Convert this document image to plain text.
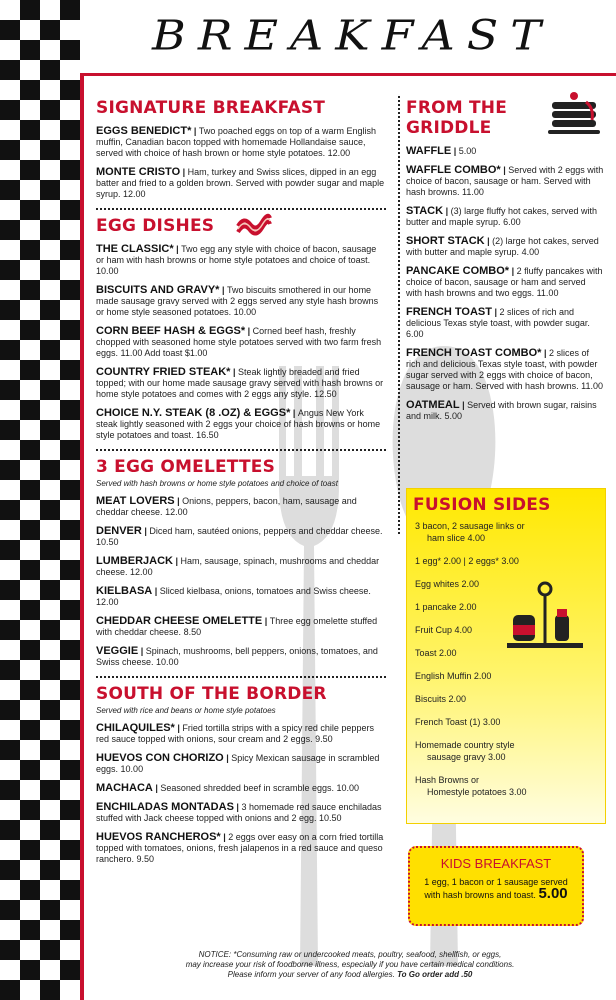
BREAKFAST
SIGNATURE BREAKFAST
EGGS BENEDICT* | Two poached eggs on top of a warm English muffin, Canadian bacon topped with homemade Hollandaise sauce, served with choice of hash brown or home style potatoes. 12.00
MONTE CRISTO | Ham, turkey and Swiss slices, dipped in an egg batter and fried to a golden brown. Served with powder sugar and maple syrup. 12.00
EGG DISHES
THE CLASSIC* | Two egg any style with choice of bacon, sausage or ham with hash browns or home style potatoes and choice of toast. 10.00
BISCUITS AND GRAVY* | Two biscuits smothered in our home made sausage gravy served with 2 eggs served any style hash browns or home style seasoned potatoes. 10.00
CORN BEEF HASH & EGGS* | Corned beef hash, freshly chopped with seasoned home style potatoes served with two farm fresh eggs. 11.00 Add toast $1.00
COUNTRY FRIED STEAK* | Steak lightly breaded and fried topped; with our home made sausage gravy served with hash browns or home style potatoes and comes with 2 eggs any style. 12.50
CHOICE N.Y. STEAK (8 .OZ) & EGGS* | Angus New York steak lightly seasoned with 2 eggs your choice of hash browns or home style potatoes and toast. 16.50
3 EGG OMELETTES
Served with hash browns or home style potatoes and choice of toast
MEAT LOVERS | Onions, peppers, bacon, ham, sausage and cheddar cheese. 12.00
DENVER | Diced ham, sautéed onions, peppers and cheddar cheese. 10.50
LUMBERJACK | Ham, sausage, spinach, mushrooms and cheddar cheese. 12.00
KIELBASA | Sliced kielbasa, onions, tomatoes and Swiss cheese. 12.00
CHEDDAR CHEESE OMELETTE | Three egg omelette stuffed with cheddar cheese. 8.50
VEGGIE | Spinach, mushrooms, bell peppers, onions, tomatoes, and Swiss cheese. 10.00
SOUTH OF THE BORDER
Served with rice and beans or home style potatoes
CHILAQUILES* | Fried tortilla strips with a spicy red chile peppers red sauce topped with onions, sour cream and 2 eggs. 9.50
HUEVOS CON CHORIZO | Spicy Mexican sausage in scrambled eggs. 10.00
MACHACA | Seasoned shredded beef in scramble eggs. 10.00
ENCHILADAS MONTADAS | 3 homemade red sauce enchiladas stuffed with Jack cheese topped with onions and 2 egg. 10.50
HUEVOS RANCHEROS* | 2 eggs over easy on a corn fried tortilla topped with tomatoes, onions, fresh jalapenos in a red sauce and queso ranchero. 9.50
FROM THE
GRIDDLE
WAFFLE | 5.00
WAFFLE COMBO* | Served with 2 eggs with choice of bacon, sausage or ham. Served with hash browns. 11.00
STACK | (3) large fluffy hot cakes, served with butter and maple syrup. 6.00
SHORT STACK | (2) large hot cakes, served with butter and maple syrup. 4.00
PANCAKE COMBO* | 2 fluffy pancakes with choice of bacon, sausage or ham and served with hash browns and two eggs. 11.00
FRENCH TOAST | 2 slices of rich and delicious Texas style toast, with powder sugar. 6.00
FRENCH TOAST COMBO* | 2 slices of rich and delicious Texas style toast, with powder sugar served with 2 eggs with choice of bacon, sausage or ham. Served with hash browns. 11.00
OATMEAL | Served with brown sugar, raisins and milk. 5.00
FUSION SIDES
3 bacon, 2 sausage links or
ham slice 4.00
1 egg* 2.00 | 2 eggs* 3.00
Egg whites 2.00
1 pancake 2.00
Fruit Cup 4.00
Toast 2.00
English Muffin 2.00
Biscuits 2.00
French Toast (1) 3.00
Homemade country style
sausage gravy 3.00
Hash Browns or
Homestyle potatoes 3.00
KIDS BREAKFAST
1 egg, 1 bacon or 1 sausage served with hash browns and toast. 5.00
NOTICE: *Consuming raw or undercooked meats, poultry, seafood, shellfish, or eggs,
may increase your risk of foodborne illness, especially if you have certain medical conditions.
Please inform your server of any food allergies. To Go order add .50
